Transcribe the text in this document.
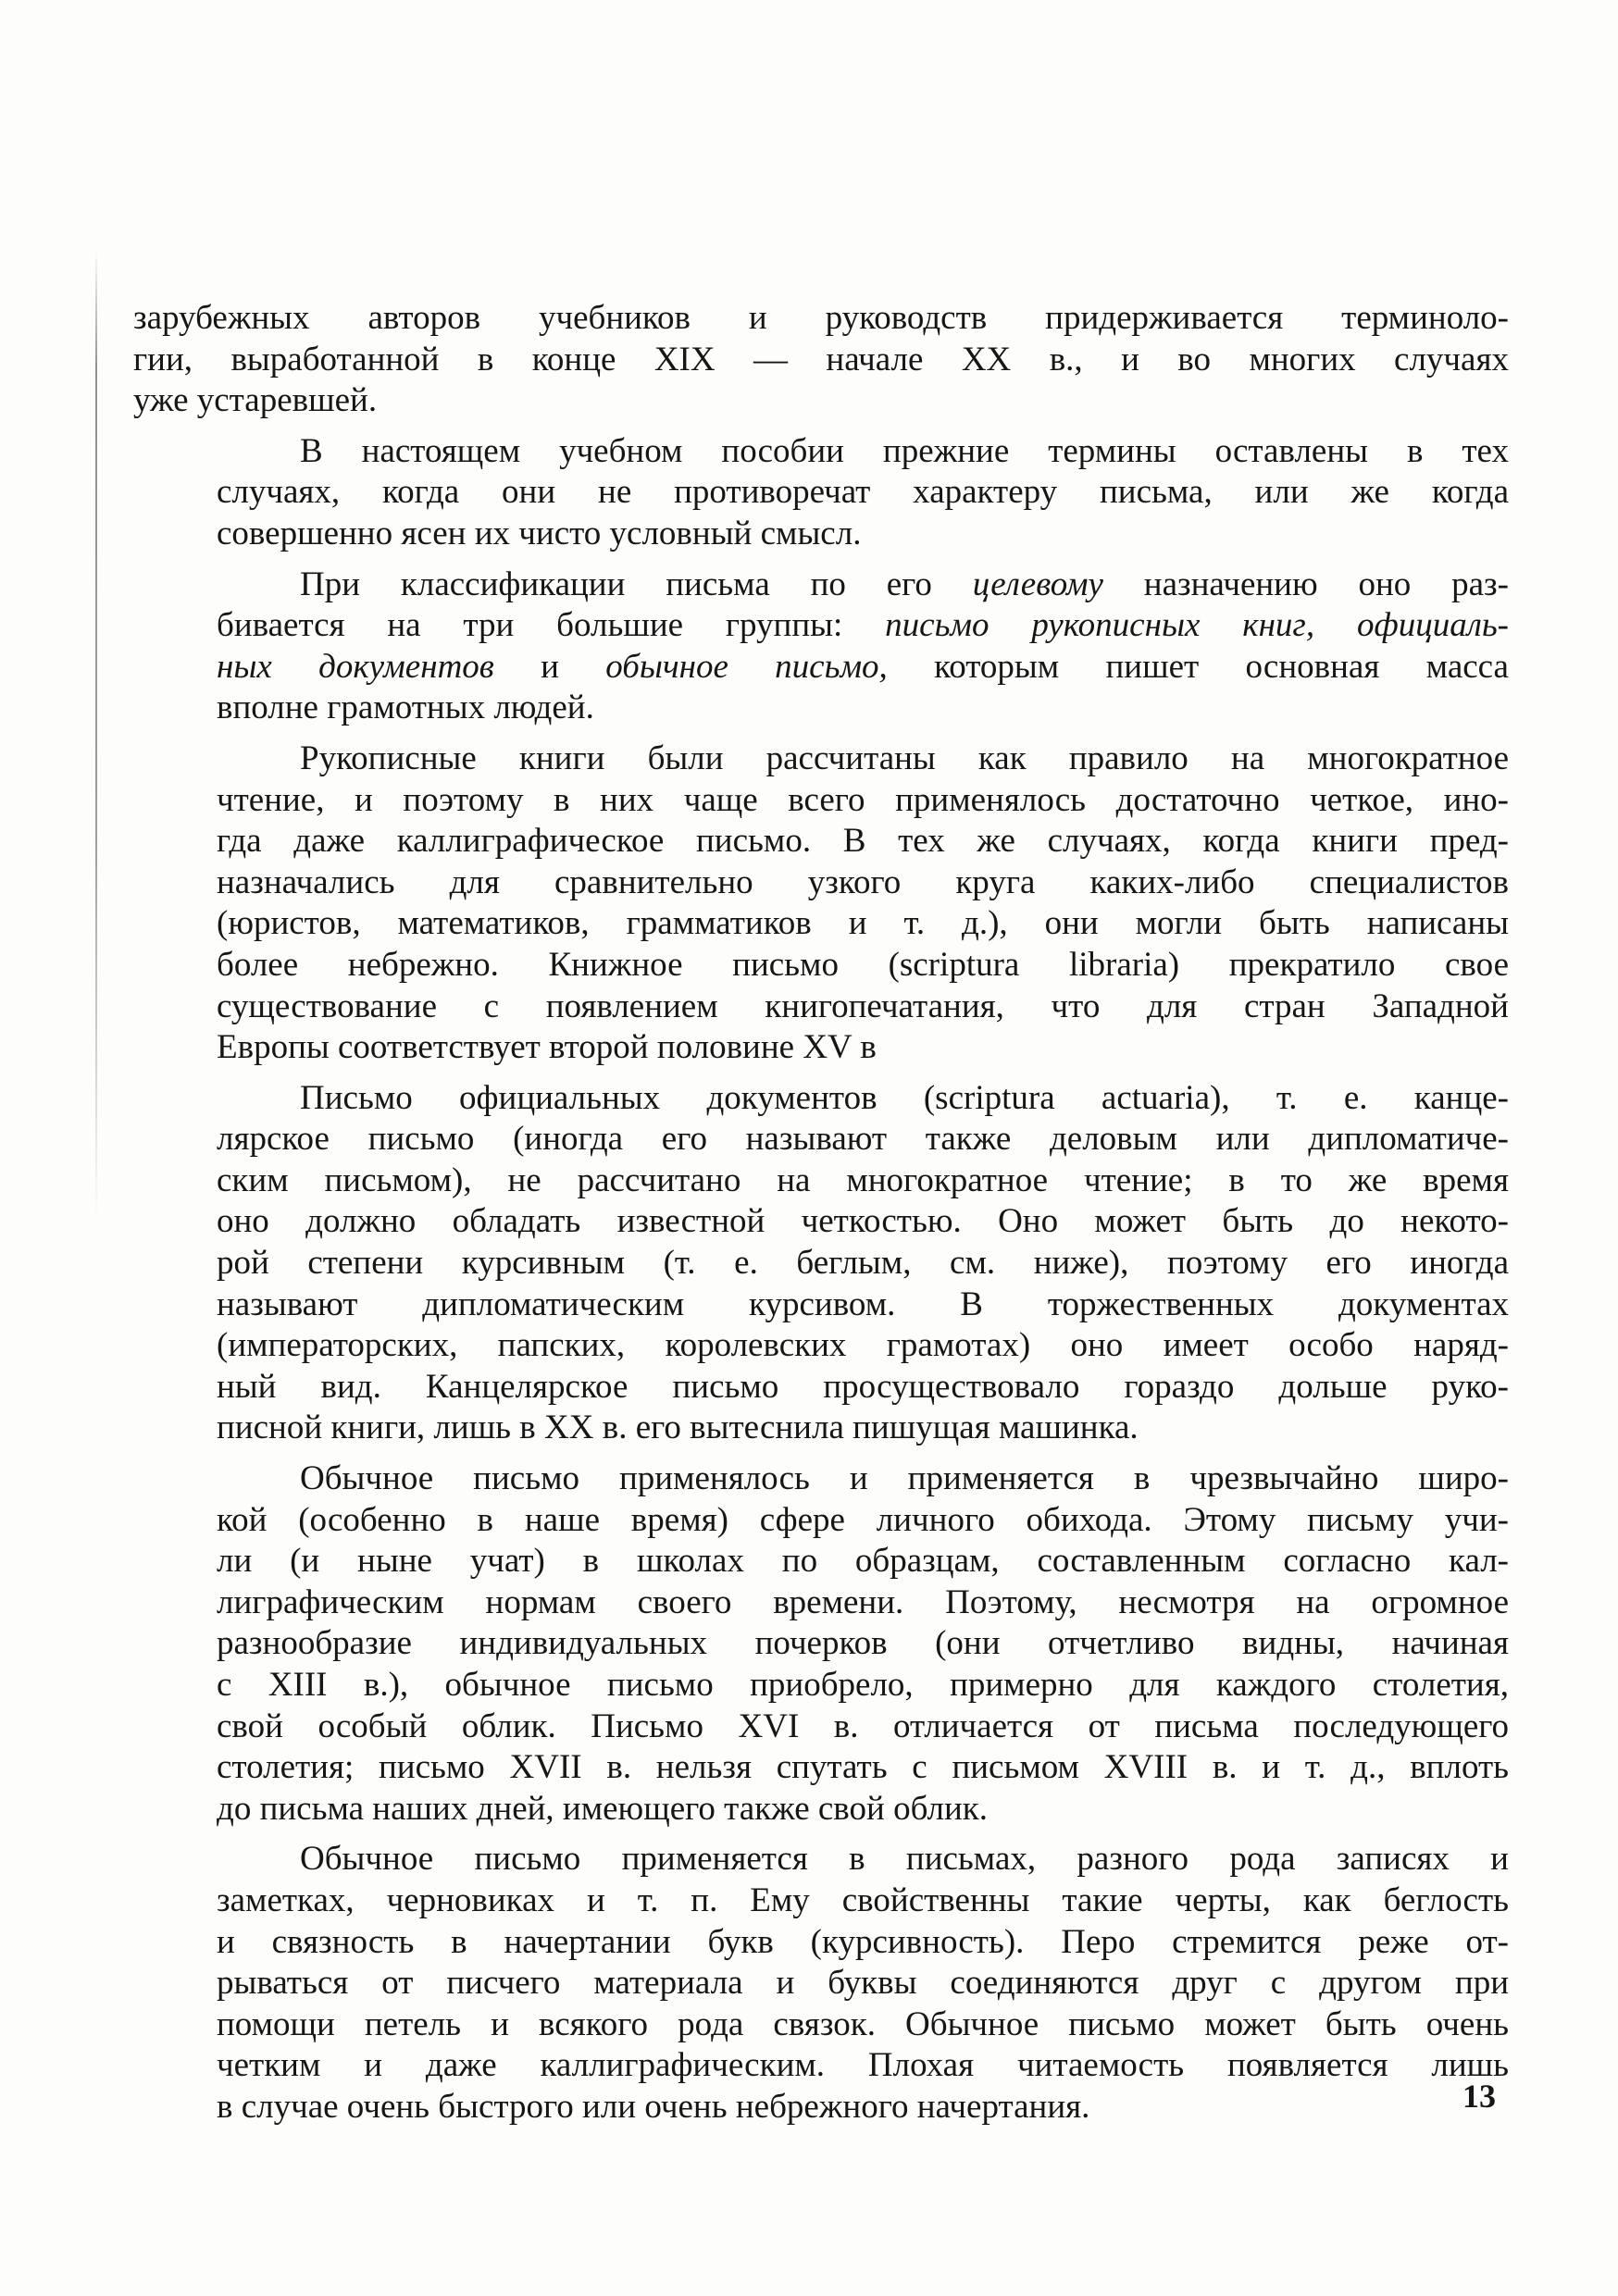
зарубежных авторов учебников и руководств придерживается терминоло-
гии, выработанной в конце XIX — начале XX в., и во многих случаях
уже устаревшей.

В настоящем учебном пособии прежние термины оставлены в тех
случаях, когда они не противоречат характеру письма, или же когда
совершенно ясен их чисто условный смысл.

При классификации письма по его целевому назначению оно раз-
бивается на три большие группы: письмо рукописных книг, официаль-
ных документов и обычное письмо, которым пишет основная масса
вполне грамотных людей.

Рукописные книги были рассчитаны как правило на многократное
чтение, и поэтому в них чаще всего применялось достаточно четкое, ино-
гда даже каллиграфическое письмо. В тех же случаях, когда книги пред-
назначались для сравнительно узкого круга каких-либо специалистов
(юристов, математиков, грамматиков и т. д.), они могли быть написаны
более небрежно. Книжное письмо (scriptura libraria) прекратило свое
существование с появлением книгопечатания, что для стран Западной
Европы соответствует второй половине XV в

Письмо официальных документов (scriptura actuaria), т. е. канце-
лярское письмо (иногда его называют также деловым или дипломатиче-
ским письмом), не рассчитано на многократное чтение; в то же время
оно должно обладать известной четкостью. Оно может быть до некото-
рой степени курсивным (т. е. беглым, см. ниже), поэтому его иногда
называют дипломатическим курсивом. В торжественных документах
(императорских, папских, королевских грамотах) оно имеет особо наряд-
ный вид. Канцелярское письмо просуществовало гораздо дольше руко-
писной книги, лишь в XX в. его вытеснила пишущая машинка.

Обычное письмо применялось и применяется в чрезвычайно широ-
кой (особенно в наше время) сфере личного обихода. Этому письму учи-
ли (и ныне учат) в школах по образцам, составленным согласно кал-
лиграфическим нормам своего времени. Поэтому, несмотря на огромное
разнообразие индивидуальных почерков (они отчетливо видны, начиная
с XIII в.), обычное письмо приобрело, примерно для каждого столетия,
свой особый облик. Письмо XVI в. отличается от письма последующего
столетия; письмо XVII в. нельзя спутать с письмом XVIII в. и т. д., вплоть
до письма наших дней, имеющего также свой облик.

Обычное письмо применяется в письмах, разного рода записях и
заметках, черновиках и т. п. Ему свойственны такие черты, как беглость
и связность в начертании букв (курсивность). Перо стремится реже от-
рываться от писчего материала и буквы соединяются друг с другом при
помощи петель и всякого рода связок. Обычное письмо может быть очень
четким и даже каллиграфическим. Плохая читаемость появляется лишь
в случае очень быстрого или очень небрежного начертания.	13
